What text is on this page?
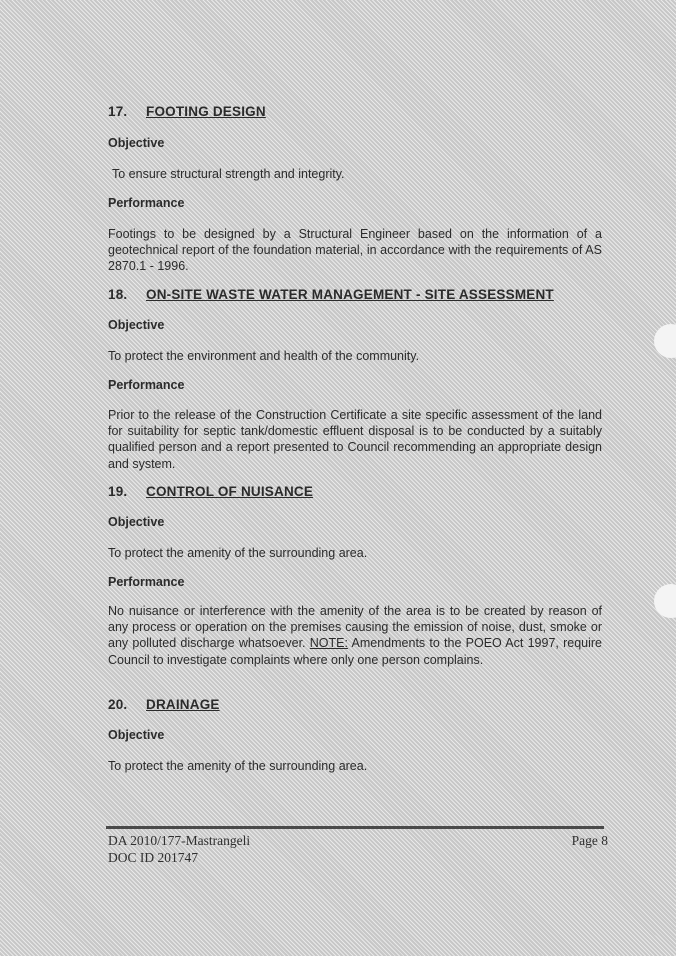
17. FOOTING DESIGN
Objective
To ensure structural strength and integrity.
Performance
Footings to be designed by a Structural Engineer based on the information of a geotechnical report of the foundation material, in accordance with the requirements of AS 2870.1 - 1996.
18. ON-SITE WASTE WATER MANAGEMENT - SITE ASSESSMENT
Objective
To protect the environment and health of the community.
Performance
Prior to the release of the Construction Certificate a site specific assessment of the land for suitability for septic tank/domestic effluent disposal is to be conducted by a suitably qualified person and a report presented to Council recommending an appropriate design and system.
19. CONTROL OF NUISANCE
Objective
To protect the amenity of the surrounding area.
Performance
No nuisance or interference with the amenity of the area is to be created by reason of any process or operation on the premises causing the emission of noise, dust, smoke or any polluted discharge whatsoever. NOTE: Amendments to the POEO Act 1997, require Council to investigate complaints where only one person complains.
20. DRAINAGE
Objective
To protect the amenity of the surrounding area.
DA 2010/177-Mastrangeli
DOC ID 201747
Page 8
